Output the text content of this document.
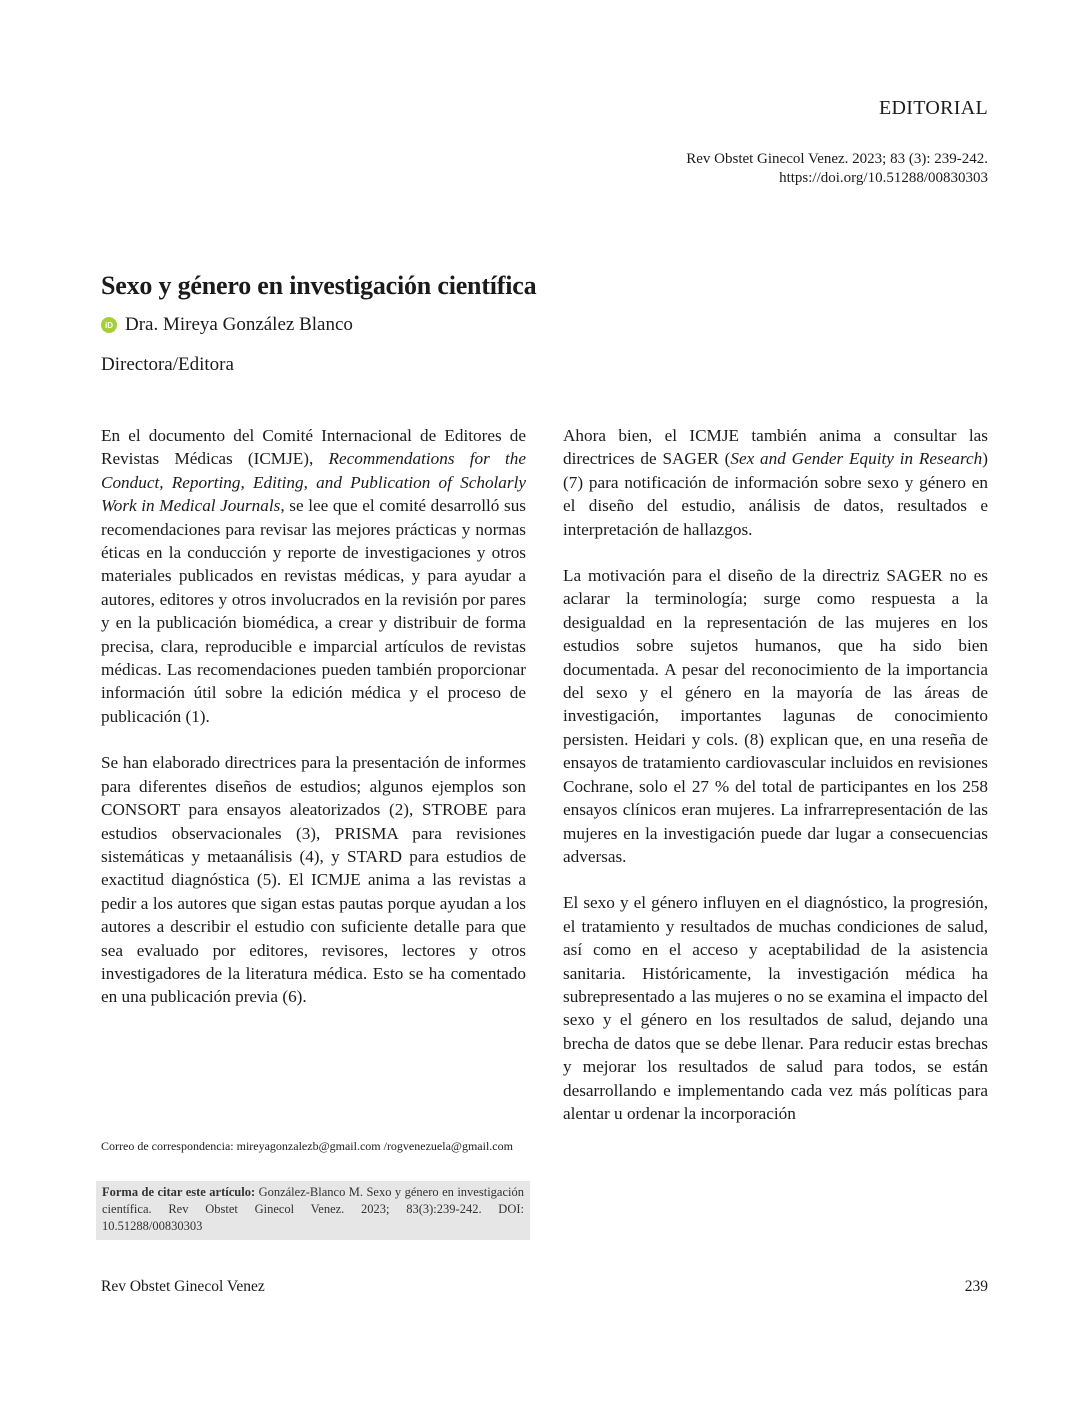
EDITORIAL
Rev Obstet Ginecol Venez. 2023; 83 (3): 239-242.
https://doi.org/10.51288/00830303
Sexo y género en investigación científica
iD Dra. Mireya González Blanco
Directora/Editora

En el documento del Comité Internacional de Editores de Revistas Médicas (ICMJE), Recommendations for the Conduct, Reporting, Editing, and Publication of Scholarly Work in Medical Journals, se lee que el comité desarrolló sus recomendaciones para revisar las mejores prácticas y normas éticas en la conducción y reporte de investigaciones y otros materiales publicados en revistas médicas, y para ayudar a autores, editores y otros involucrados en la revisión por pares y en la publicación biomédica, a crear y distribuir de forma precisa, clara, reproducible e imparcial artículos de revistas médicas. Las recomendaciones pueden también proporcionar información útil sobre la edición médica y el proceso de publicación (1).

Se han elaborado directrices para la presentación de informes para diferentes diseños de estudios; algunos ejemplos son CONSORT para ensayos aleatorizados (2), STROBE para estudios observacionales (3), PRISMA para revisiones sistemáticas y metaanálisis (4), y STARD para estudios de exactitud diagnóstica (5). El ICMJE anima a las revistas a pedir a los autores que sigan estas pautas porque ayudan a los autores a describir el estudio con suficiente detalle para que sea evaluado por editores, revisores, lectores y otros investigadores de la literatura médica. Esto se ha comentado en una publicación previa (6).

Ahora bien, el ICMJE también anima a consultar las directrices de SAGER (Sex and Gender Equity in Research) (7) para notificación de información sobre sexo y género en el diseño del estudio, análisis de datos, resultados e interpretación de hallazgos.

La motivación para el diseño de la directriz SAGER no es aclarar la terminología; surge como respuesta a la desigualdad en la representación de las mujeres en los estudios sobre sujetos humanos, que ha sido bien documentada. A pesar del reconocimiento de la importancia del sexo y el género en la mayoría de las áreas de investigación, importantes lagunas de conocimiento persisten. Heidari y cols. (8) explican que, en una reseña de ensayos de tratamiento cardiovascular incluidos en revisiones Cochrane, solo el 27 % del total de participantes en los 258 ensayos clínicos eran mujeres. La infrarrepresentación de las mujeres en la investigación puede dar lugar a consecuencias adversas.

El sexo y el género influyen en el diagnóstico, la progresión, el tratamiento y resultados de muchas condiciones de salud, así como en el acceso y aceptabilidad de la asistencia sanitaria. Históricamente, la investigación médica ha subrepresentado a las mujeres o no se examina el impacto del sexo y el género en los resultados de salud, dejando una brecha de datos que se debe llenar. Para reducir estas brechas y mejorar los resultados de salud para todos, se están desarrollando e implementando cada vez más políticas para alentar u ordenar la incorporación

Correo de correspondencia: mireyagonzalezb@gmail.com /rogvenezuela@gmail.com
Forma de citar este artículo: González-Blanco M. Sexo y género en investigación científica. Rev Obstet Ginecol Venez. 2023; 83(3):239-242. DOI: 10.51288/00830303
Rev Obstet Ginecol Venez	239
